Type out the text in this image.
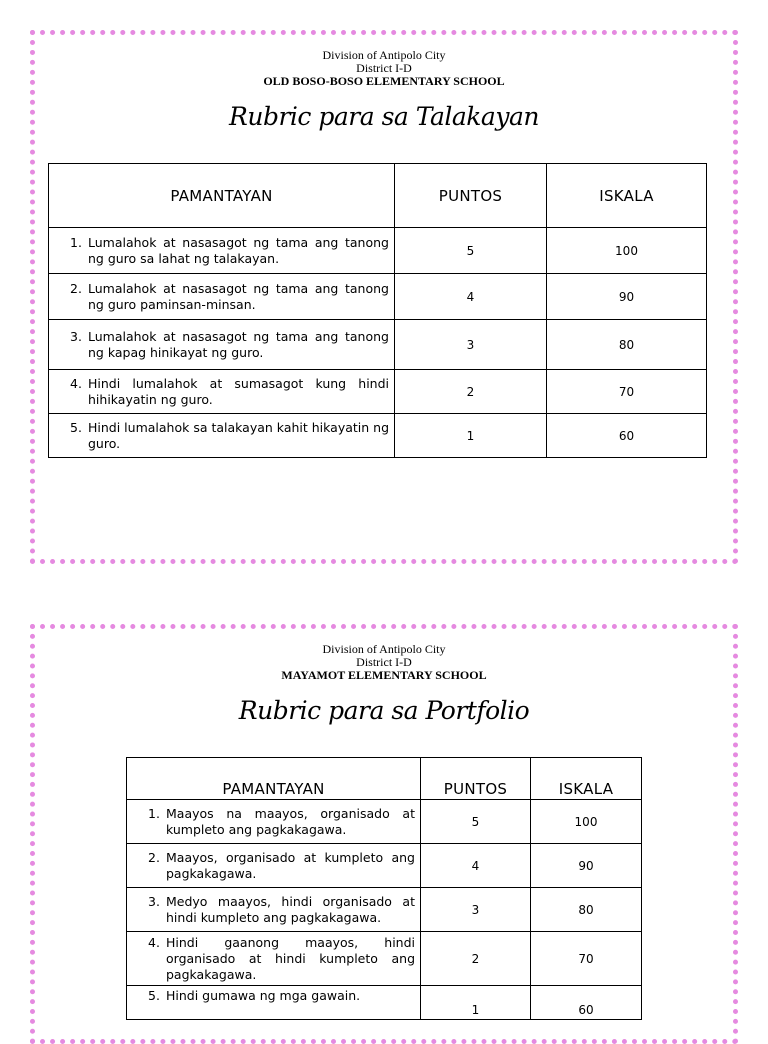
Division of Antipolo City
District I-D
OLD BOSO-BOSO ELEMENTARY SCHOOL
Rubric para sa Talakayan
PAMANTAYAN	PUNTOS	ISKALA

1. Lumalahok at nasasagot ng tama ang tanong ng guro sa lahat ng talakayan.	5	100

2. Lumalahok at nasasagot ng tama ang tanong ng guro paminsan-minsan.	4	90

3. Lumalahok at nasasagot ng tama ang tanong ng kapag hinikayat ng guro.	3	80

4. Hindi lumalahok at sumasagot kung hindi hihikayatin ng guro.	2	70

5. Hindi lumalahok sa talakayan kahit hikayatin ng guro.	1	60
Division of Antipolo City
District I-D
MAYAMOT ELEMENTARY SCHOOL
Rubric para sa Portfolio
PAMANTAYAN	PUNTOS	ISKALA

1. Maayos na maayos, organisado at kumpleto ang pagkakagawa.	5	100

2. Maayos, organisado at kumpleto ang pagkakagawa.	4	90

3. Medyo maayos, hindi organisado at hindi kumpleto ang pagkakagawa.	3	80

4. Hindi gaanong maayos, hindi organisado at hindi kumpleto ang pagkakagawa.	2	70

5. Hindi gumawa ng mga gawain.	1	60
